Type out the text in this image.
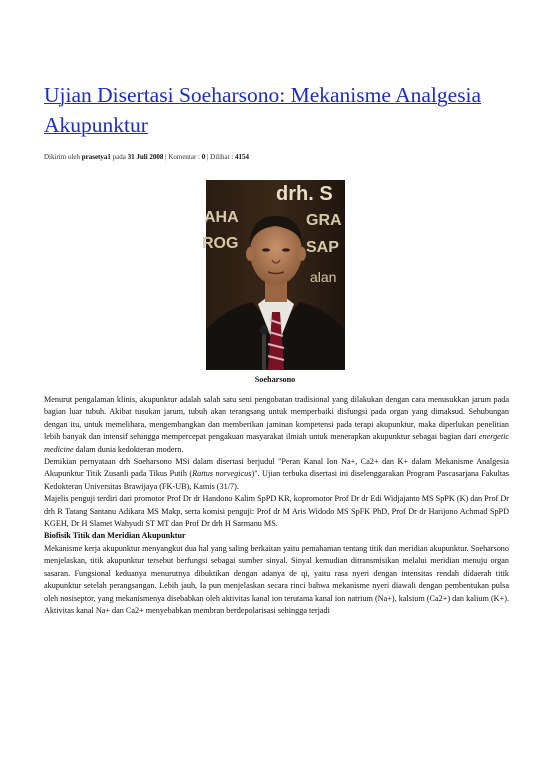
Ujian Disertasi Soeharsono: Mekanisme Analgesia Akupunktur
Dikirim oleh prasetya1 pada 31 Juli 2008 | Komentar : 0 | Dilihat : 4154
drh. S
AHA	GRA
ROG	SAP
alan
Soeharsono

Menurut pengalaman klinis, akupunktur adalah salah satu seni pengobatan tradisional yang dilakukan dengan cara menusukkan jarum pada bagian luar tubuh. Akibat tusukan jarum, tubuh akan terangsang untuk memperbaiki disfungsi pada organ yang dimaksud. Sehubungan dengan itu, untuk memelihara, mengembangkan dan memberikan jaminan kompetensi pada terapi akupunktur, maka diperlukan penelitian lebih banyak dan intensif sehingga mempercepat pengakuan masyarakat ilmiah untuk menerapkan akupunktur sebagai bagian dari energetic medicine dalam dunia kedokteran modern.

Demikian pernyataan drh Soeharsono MSi dalam disertasi berjudul "Peran Kanal Ion Na+, Ca2+ dan K+ dalam Mekanisme Analgesia Akupunktur Titik Zusanli pada Tikus Putih (Rattus norvegicus)". Ujian terbuka disertasi ini diselenggarakan Program Pascasarjana Fakultas Kedokteran Universitas Brawijaya (FK-UB), Kamis (31/7).

Majelis penguji terdiri dari promotor Prof Dr dr Handono Kalim SpPD KR, kopromotor Prof Dr dr Edi Widjajanto MS SpPK (K) dan Prof Dr drh R Tatang Santanu Adikara MS Makp, serta komisi penguji: Prof dr M Aris Widodo MS SpFK PhD, Prof Dr dr Harijono Achmad SpPD KGEH, Dr H Slamet Wahyudi ST MT dan Prof Dr drh H Sarmanu MS.

Biofisik Titik dan Meridian Akupunktur

Mekanisme kerja akupunktur menyangkut dua hal yang saling berkaitan yaitu pemahaman tentang titik dan meridian akupunktur. Soeharsono menjelaskan, titik akupunktur tersebut berfungsi sebagai sumber sinyal. Sinyal kemudian ditransmisikan melalui meridian menuju organ sasaran. Fungsional keduanya menurutnya dibuktikan dengan adanya de qi, yaitu rasa nyeri dengan intensitas rendah didaerah titik akupunktur setelah perangsangan. Lebih jauh, Ia pun menjelaskan secara rinci bahwa mekanisme nyeri diawali dengan pembentukan pulsa oleh nosiseptor, yang mekanismenya disebabkan oleh aktivitas kanal ion terutama kanal ion natrium (Na+), kalsium (Ca2+) dan kalium (K+). Aktivitas kanal Na+ dan Ca2+ menyebabkan membran berdepolarisasi sehingga terjadi
